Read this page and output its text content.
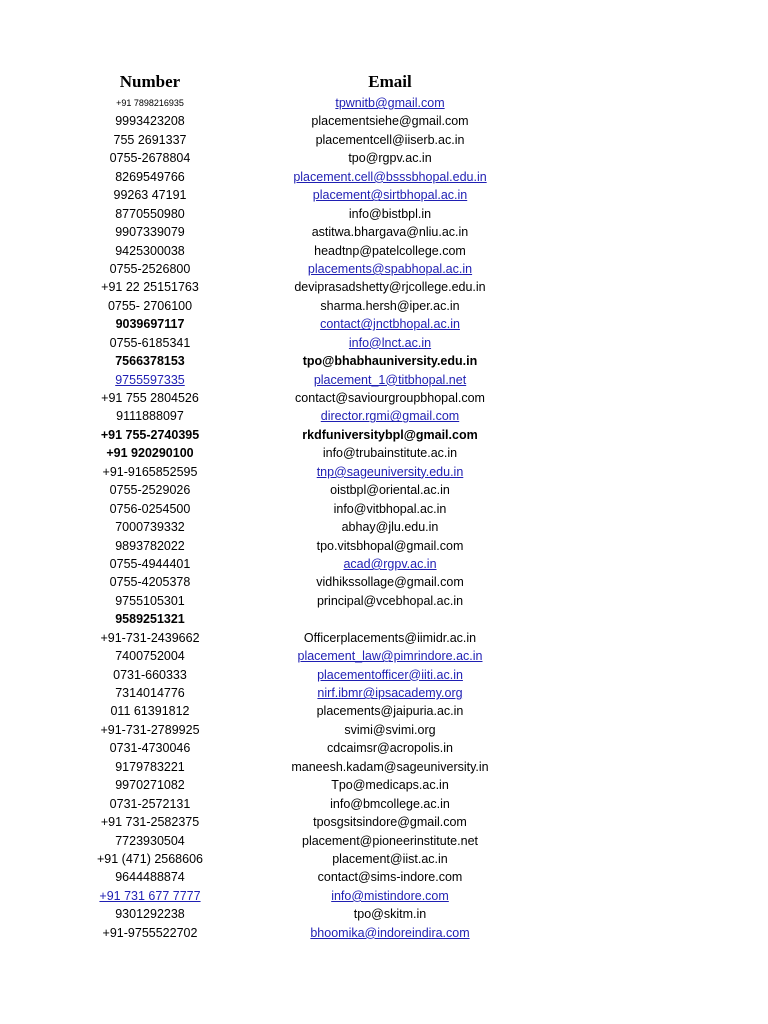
Number	Email
+91 7898216935	tpwnitb@gmail.com
9993423208	placementsiehe@gmail.com
755 2691337	placementcell@iiserb.ac.in
0755-2678804	tpo@rgpv.ac.in
8269549766	placement.cell@bsssbhopal.edu.in
99263 47191	placement@sirtbhopal.ac.in
8770550980	info@bistbpl.in
9907339079	astitwa.bhargava@nliu.ac.in
9425300038	headtnp@patelcollege.com
0755-2526800	placements@spabhopal.ac.in
+91 22 25151763	deviprasadshetty@rjcollege.edu.in
0755- 2706100	sharma.hersh@iper.ac.in
9039697117	contact@jnctbhopal.ac.in
0755-6185341	info@lnct.ac.in
7566378153	tpo@bhabhauniversity.edu.in
9755597335	placement_1@titbhopal.net
+91 755 2804526	contact@saviourgroupbhopal.com
9111888097	director.rgmi@gmail.com
+91 755-2740395	rkdfuniversitybpl@gmail.com
+91 920290100	info@trubainstitute.ac.in
+91-9165852595	tnp@sageuniversity.edu.in
0755-2529026	oistbpl@oriental.ac.in
0756-0254500	info@vitbhopal.ac.in
7000739332	abhay@jlu.edu.in
9893782022	tpo.vitsbhopal@gmail.com
0755-4944401	acad@rgpv.ac.in
0755-4205378	vidhikssollage@gmail.com
9755105301	principal@vcebhopal.ac.in
9589251321
+91-731-2439662	Officerplacements@iimidr.ac.in
7400752004	placement_law@pimrindore.ac.in
0731-660333	placementofficer@iiti.ac.in
7314014776	nirf.ibmr@ipsacademy.org
011 61391812	placements@jaipuria.ac.in
+91-731-2789925	svimi@svimi.org
0731-4730046	cdcaimsr@acropolis.in
9179783221	maneesh.kadam@sageuniversity.in
9970271082	Tpo@medicaps.ac.in
0731-2572131	info@bmcollege.ac.in
+91 731-2582375	tposgsitsindore@gmail.com
7723930504	placement@pioneerinstitute.net
+91 (471) 2568606	placement@iist.ac.in
9644488874	contact@sims-indore.com
+91 731 677 7777	info@mistindore.com
9301292238	tpo@skitm.in
+91-9755522702	bhoomika@indoreindira.com
